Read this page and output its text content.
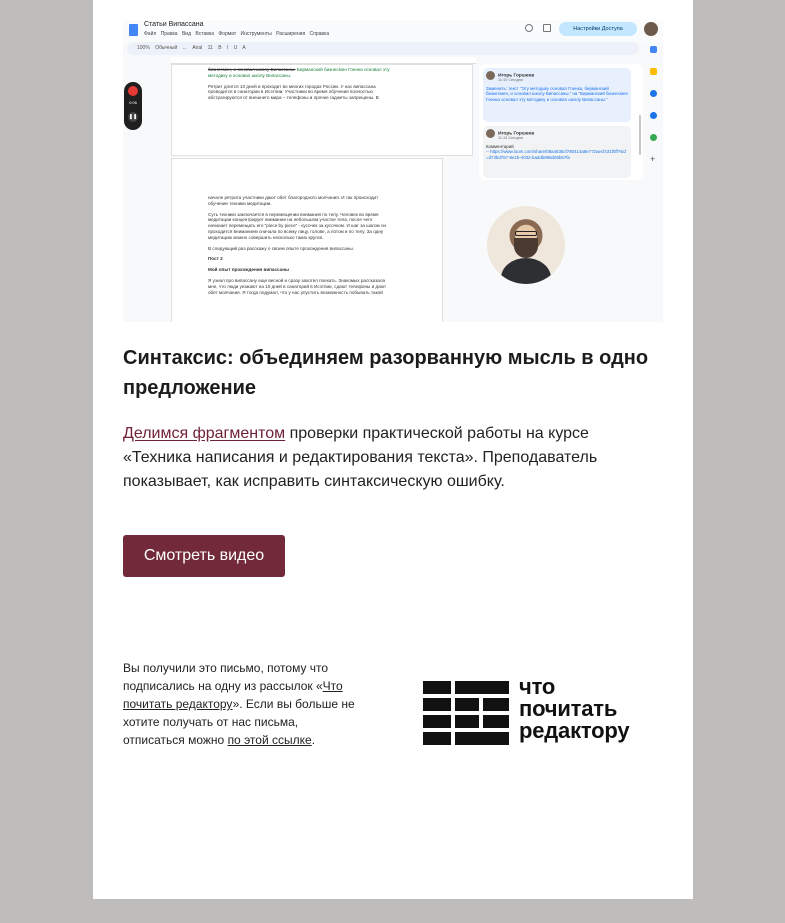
Статьи Випассана
Файл Правка Вид Вставка Формат Инструменты Расширения Справка
Настройки Доступа
100% Обычный ... Arial 11 B I U A
бизнесмен, и основал школу Випассаны. Бирманский бизнесмен Гоенка основал эту
методику и основал школу Випассаны.
Ретрит длится 10 дней и проходит во многих городах России. У нас випассана
проводится в санатории в Исэтпии. Участники во время обучения полностью
абстрагируются от внешнего мира – телефоны и прочие гаджеты запрещены. В
начале ретрита участники дают обет благородного молчания. И так происходит
обучение техники медитации.
Суть техники заключается в перемещении внимания по телу. Человек во время
медитации концентрирует внимание на небольшом участке тела, после чего
начинает перемещать его "piece by piece" - кусочек за кусочком. И шаг за шагом он
проходится вниманием сначала по всему лицу, голове, а потом и по телу. За одну
медитацию можно совершить несколько таких кругов.
В следующий раз расскажу о своем опыте прохождения випассаны.
Пост 2
Мой опыт прохождения випассаны
Я узнал про випассану еще весной и сразу захотел поехать. Знакомых рассказала
мне, что люди уезжают на 10 дней в санаторий в Исэтпии, сдают телефоны и дают
обет молчания. Я тогда подумал, что у нас упустить возможность побывать такой
0:06
❚❚
Игорь Горшеев
11:10 Сегодня
Заменить: текст "Эту методику основал Гоенка, бирманский бизнесмен, и основал школу Випассаны." на "Бирманский бизнесмен Гоенка основал эту методику и основал школу Випассаны."
Игорь Горшеев
11:19 Сегодня
Комментарий
-- https://www.loom.com/share/08a4635cf780414a8e772aecf431f0ff?sid=d73bd767-8e1b-4032-baddb895d06b57fa	+
Синтаксис: объединяем разорванную мысль в одно предложение
Делимся фрагментом проверки практической работы на курсе «Техника написания и редактирования текста». Преподаватель показывает, как исправить синтаксическую ошибку.
Смотреть видео
Вы получили это письмо, потому что подписались на одну из рассылок «Что почитать редактору». Если вы больше не хотите получать от нас письма, отписаться можно по этой ссылке.
что
почитать
редактору
